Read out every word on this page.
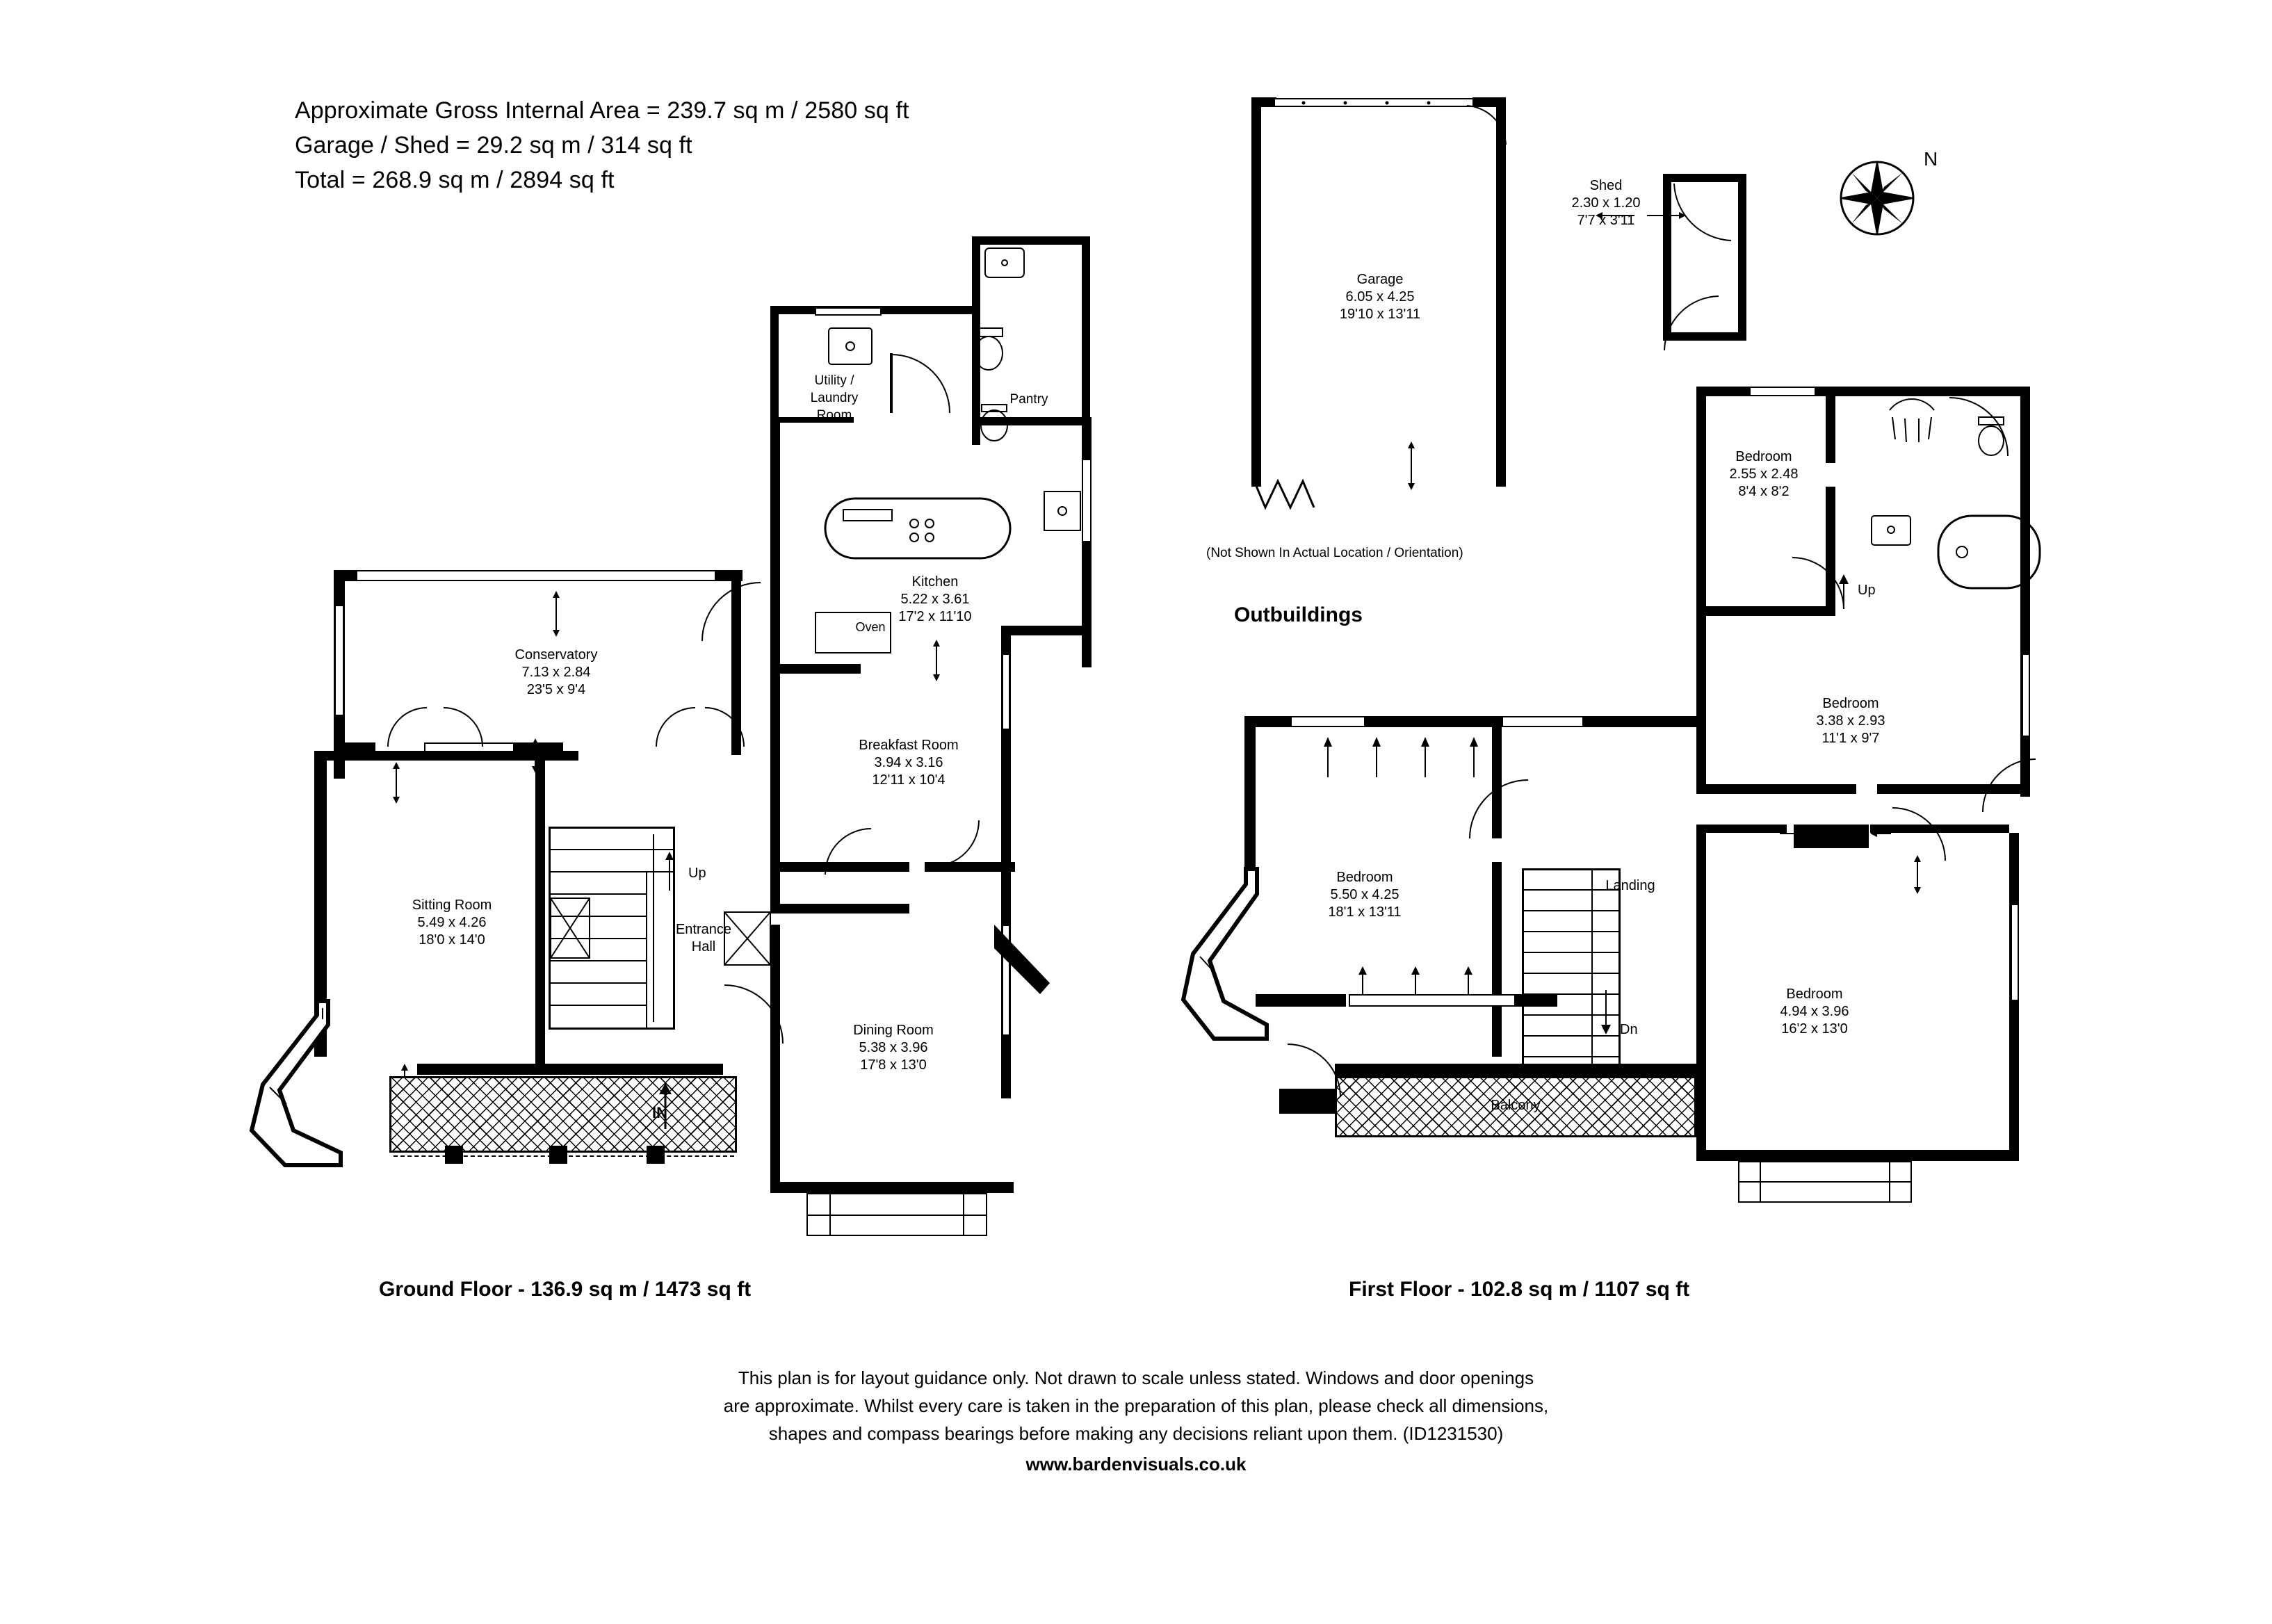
Approximate Gross Internal Area = 239.7 sq m / 2580 sq ft
Garage / Shed = 29.2 sq m / 314 sq ft
Total = 268.9 sq m / 2894 sq ft
N
Garage
6.05 x 4.25
19'10 x 13'11
Shed
2.30 x 1.20
7'7 x 3'11
(Not Shown In Actual Location / Orientation)
Outbuildings
Utility /
Laundry
Room
Pantry
Oven
Kitchen
5.22 x 3.61
17'2 x 11'10
Conservatory
7.13 x 2.84
23'5 x 9'4
Breakfast Room
3.94 x 3.16
12'11 x 10'4
Sitting Room
5.49 x 4.26
18'0 x 14'0
Up
Entrance
Hall
Dining Room
5.38 x 3.96
17'8 x 13'0
IN
Ground Floor - 136.9 sq m / 1473 sq ft
Bedroom
2.55 x 2.48
8'4 x 8'2
Up
Bedroom
3.38 x 2.93
11'1 x 9'7
Bedroom
4.94 x 3.96
16'2 x 13'0
Landing
Dn
Bedroom
5.50 x 4.25
18'1 x 13'11
Balcony
First Floor - 102.8 sq m / 1107 sq ft
This plan is for layout guidance only. Not drawn to scale unless stated. Windows and door openings
are approximate. Whilst every care is taken in the preparation of this plan, please check all dimensions,
shapes and compass bearings before making any decisions reliant upon them. (ID1231530)
www.bardenvisuals.co.uk
